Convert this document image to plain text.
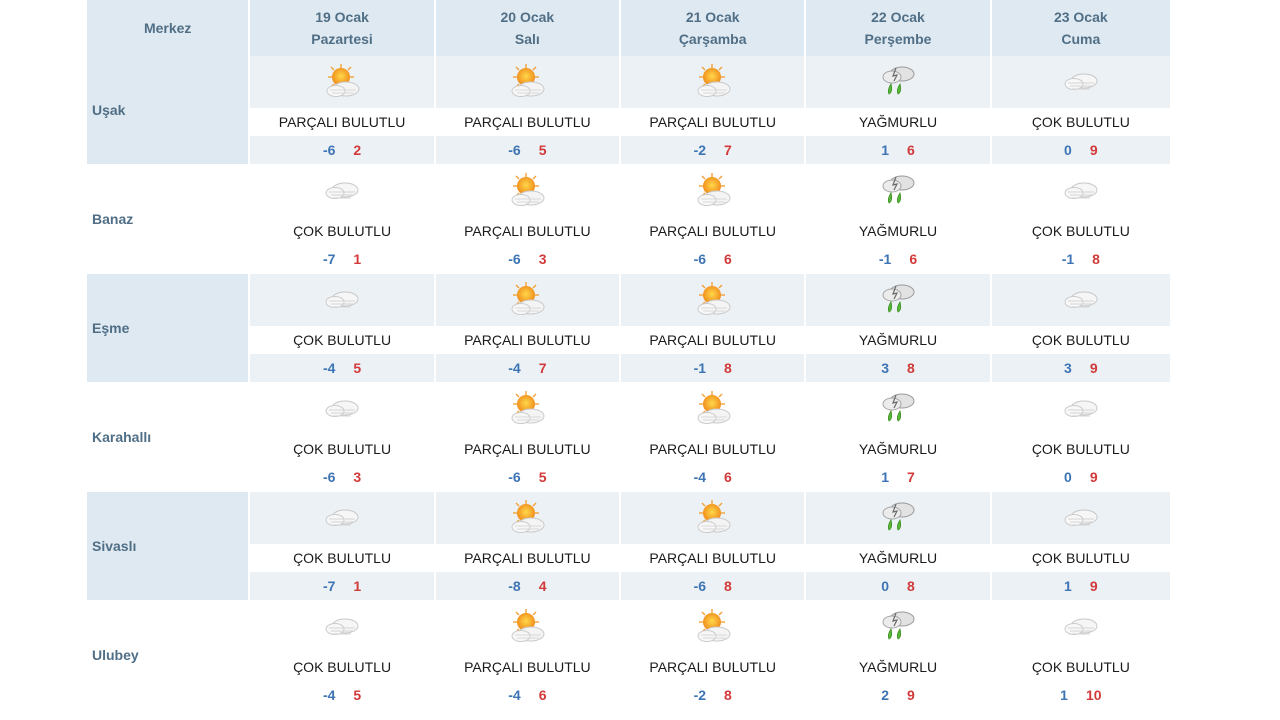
Merkez
19 Ocak
Pazartesi
20 Ocak
Salı
21 Ocak
Çarşamba
22 Ocak
Perşembe
23 Ocak
Cuma
Uşak
PARÇALI BULUTLU
-6 2
PARÇALI BULUTLU
-6 5
PARÇALI BULUTLU
-2 7
YAĞMURLU
1 6
ÇOK BULUTLU
0 9
Banaz
ÇOK BULUTLU
-7 1
PARÇALI BULUTLU
-6 3
PARÇALI BULUTLU
-6 6
YAĞMURLU
-1 6
ÇOK BULUTLU
-1 8
Eşme
ÇOK BULUTLU
-4 5
PARÇALI BULUTLU
-4 7
PARÇALI BULUTLU
-1 8
YAĞMURLU
3 8
ÇOK BULUTLU
3 9
Karahallı
ÇOK BULUTLU
-6 3
PARÇALI BULUTLU
-6 5
PARÇALI BULUTLU
-4 6
YAĞMURLU
1 7
ÇOK BULUTLU
0 9
Sivaslı
ÇOK BULUTLU
-7 1
PARÇALI BULUTLU
-8 4
PARÇALI BULUTLU
-6 8
YAĞMURLU
0 8
ÇOK BULUTLU
1 9
Ulubey
ÇOK BULUTLU
-4 5
PARÇALI BULUTLU
-4 6
PARÇALI BULUTLU
-2 8
YAĞMURLU
2 9
ÇOK BULUTLU
1 10
